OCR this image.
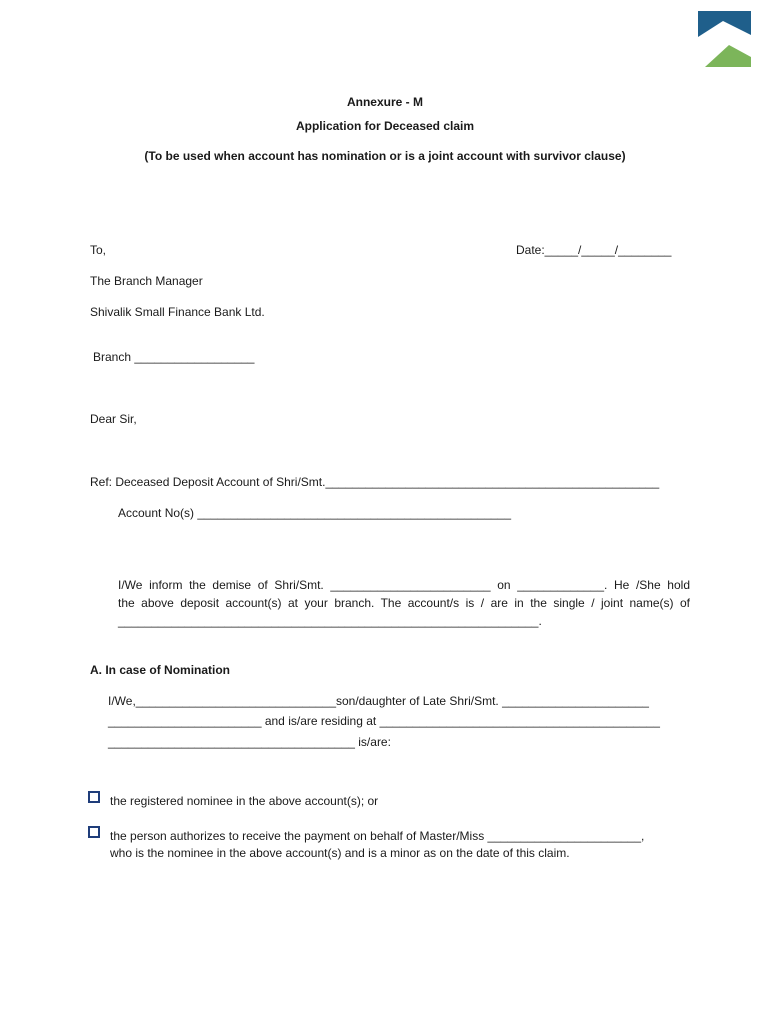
Annexure - M
Application for Deceased claim
(To be used when account has nomination or is a joint account with survivor clause)
To,	Date:_____/_____/________
The Branch Manager
Shivalik Small Finance Bank Ltd.
Branch __________________
Dear Sir,
Ref: Deceased Deposit Account of Shri/Smt.__________________________________________________
Account No(s) _______________________________________________
I/We inform the demise of Shri/Smt. ________________________ on _____________. He /She hold
the above deposit account(s) at your branch. The account/s is / are in the single / joint name(s) of
_______________________________________________________________.
A. In case of Nomination
I/We,______________________________son/daughter of Late Shri/Smt. ______________________
_______________________ and is/are residing at __________________________________________
_____________________________________ is/are:
the registered nominee in the above account(s); or
the person authorizes to receive the payment on behalf of Master/Miss _______________________,
who is the nominee in the above account(s) and is a minor as on the date of this claim.
